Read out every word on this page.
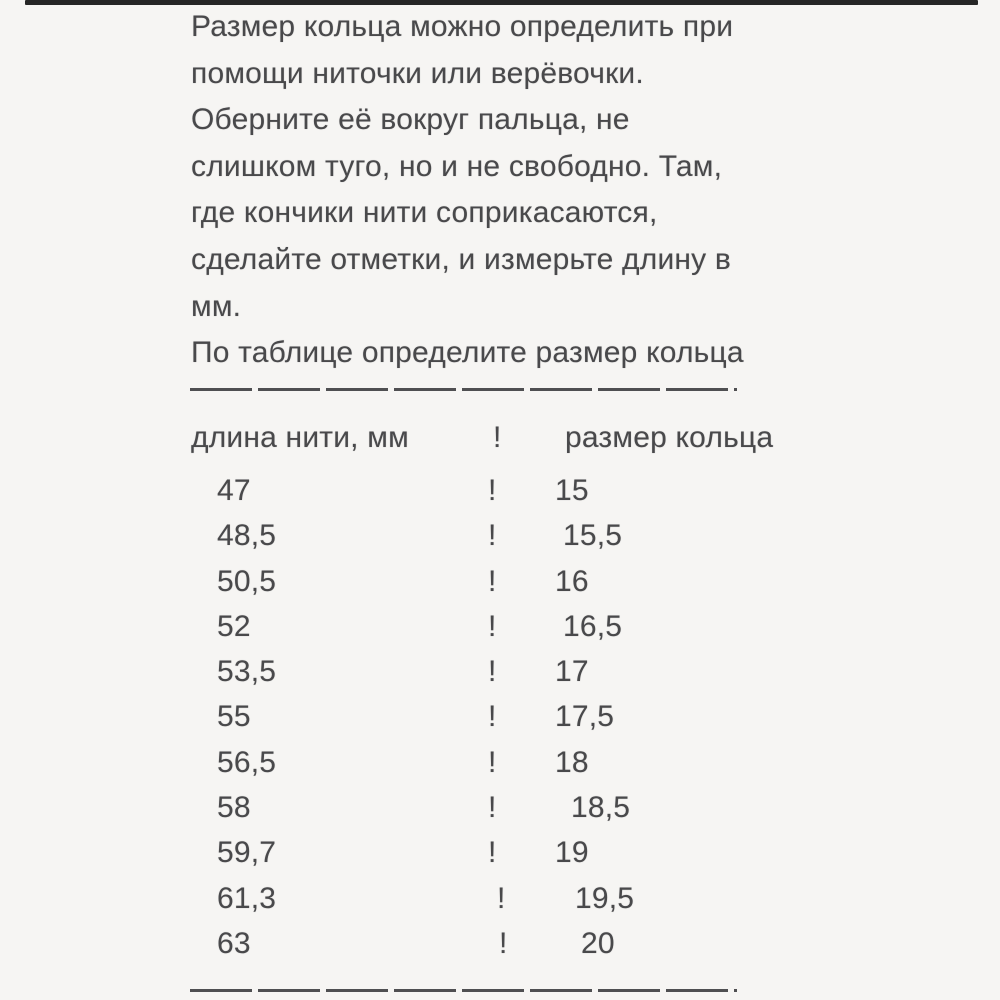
Размер кольца можно определить при
помощи ниточки или верёвочки.
Оберните её вокруг пальца, не
слишком туго, но и не свободно. Там,
где кончики нити соприкасаются,
сделайте отметки, и измерьте длину в
мм.
По таблице определите размер кольца
длина нити, мм	! размер кольца
47	! 15
48,5	! 15,5
50,5	! 16
52	! 16,5
53,5	! 17
55	! 17,5
56,5	! 18
58	! 18,5
59,7	! 19
61,3	! 19,5
63	! 20
